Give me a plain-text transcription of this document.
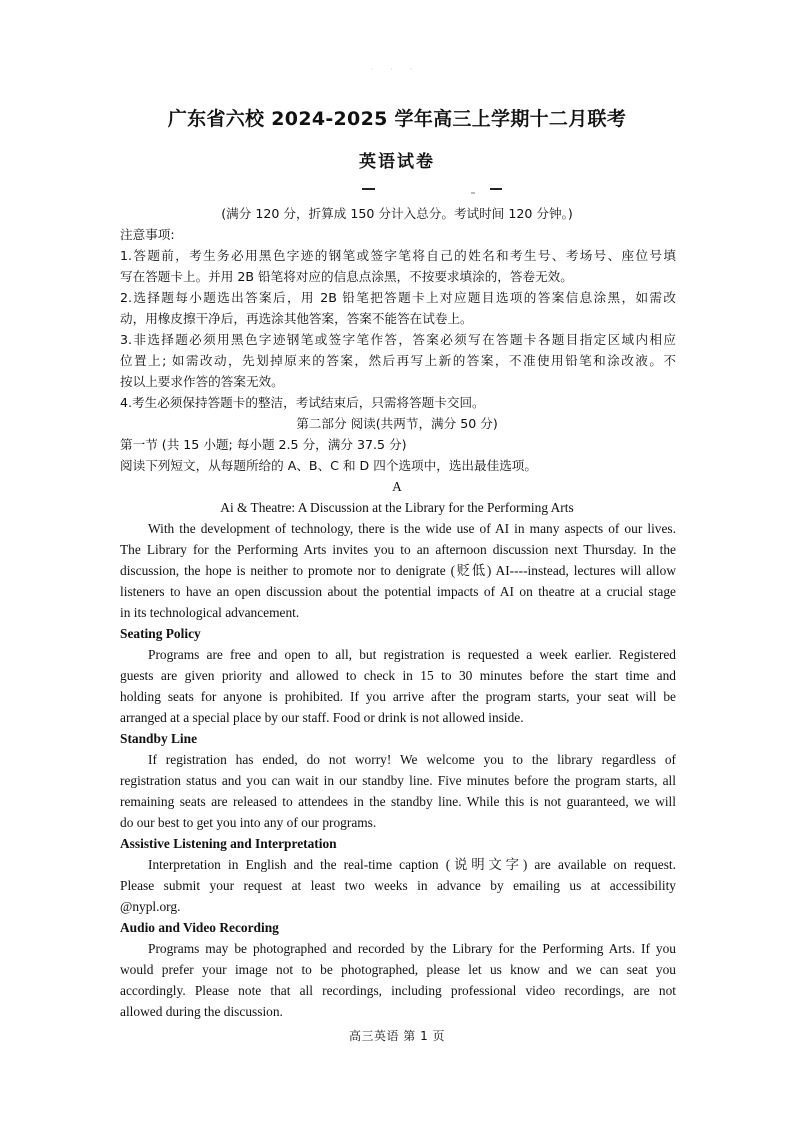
· · ·
广东省六校 2024-2025 学年高三上学期十二月联考
英语试卷
(满分 120 分，折算成 150 分计入总分。考试时间 120 分钟。)
注意事项:
1.答题前，考生务必用黑色字迹的钢笔或签字笔将自己的姓名和考生号、考场号、座位号填
写在答题卡上。并用 2B 铅笔将对应的信息点涂黑，不按要求填涂的，答卷无效。
2.选择题每小题选出答案后，用 2B 铅笔把答题卡上对应题目选项的答案信息涂黑，如需改
动，用橡皮擦干净后，再选涂其他答案，答案不能答在试卷上。
3.非选择题必须用黑色字迹钢笔或签字笔作答，答案必须写在答题卡各题目指定区域内相应
位置上; 如需改动，先划掉原来的答案，然后再写上新的答案，不准使用铅笔和涂改液。不
按以上要求作答的答案无效。
4.考生必须保持答题卡的整洁，考试结束后，只需将答题卡交回。
第二部分 阅读(共两节，满分 50 分)
第一节 (共 15 小题; 每小题 2.5 分，满分 37.5 分)
阅读下列短文，从每题所给的 A、B、C 和 D 四个选项中，选出最佳选项。
A
Ai & Theatre: A Discussion at the Library for the Performing Arts
With the development of technology, there is the wide use of AI in many aspects of our lives.
The Library for the Performing Arts invites you to an afternoon discussion next Thursday. In the
discussion, the hope is neither to promote nor to denigrate (贬低) AI----instead, lectures will allow
listeners to have an open discussion about the potential impacts of AI on theatre at a crucial stage
in its technological advancement.
Seating Policy
Programs are free and open to all, but registration is requested a week earlier. Registered
guests are given priority and allowed to check in 15 to 30 minutes before the start time and
holding seats for anyone is prohibited. If you arrive after the program starts, your seat will be
arranged at a special place by our staff. Food or drink is not allowed inside.
Standby Line
If registration has ended, do not worry! We welcome you to the library regardless of
registration status and you can wait in our standby line. Five minutes before the program starts, all
remaining seats are released to attendees in the standby line. While this is not guaranteed, we will
do our best to get you into any of our programs.
Assistive Listening and Interpretation
Interpretation in English and the real-time caption (说明文字) are available on request.
Please submit your request at least two weeks in advance by emailing us at accessibility
@nypl.org.
Audio and Video Recording
Programs may be photographed and recorded by the Library for the Performing Arts. If you
would prefer your image not to be photographed, please let us know and we can seat you
accordingly. Please note that all recordings, including professional video recordings, are not
allowed during the discussion.
高三英语 第 1 页
